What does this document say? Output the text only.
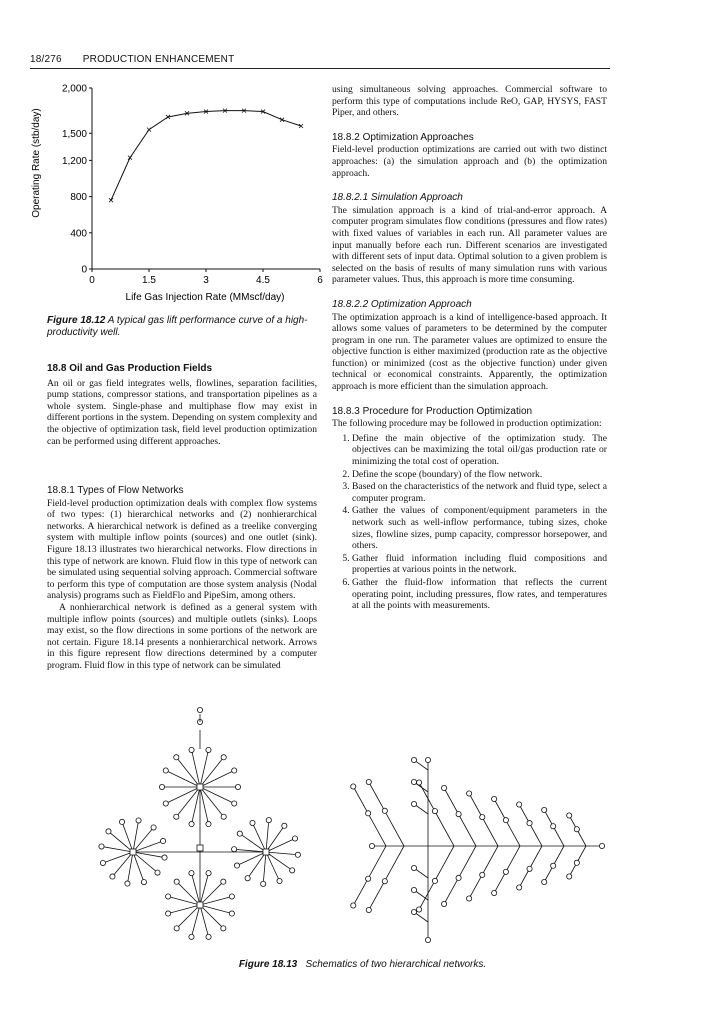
18/276 PRODUCTION ENHANCEMENT
0	1.5	3	4.5	6
0
400
800
1,200
1,500
2,000
Life Gas Injection Rate (MMscf/day)
Operating Rate (stb/day)
Figure 18.12 A typical gas lift performance curve of a high-productivity well.
18.8 Oil and Gas Production Fields

An oil or gas field integrates wells, flowlines, separation facilities, pump stations, compressor stations, and transportation pipelines as a whole system. Single-phase and multiphase flow may exist in different portions in the system. Depending on system complexity and the objective of optimization task, field level production optimization can be performed using different approaches.

18.8.1 Types of Flow Networks

Field-level production optimization deals with complex flow systems of two types: (1) hierarchical networks and (2) nonhierarchical networks. A hierarchical network is defined as a treelike converging system with multiple inflow points (sources) and one outlet (sink). Figure 18.13 illustrates two hierarchical networks. Flow directions in this type of network are known. Fluid flow in this type of network can be simulated using sequential solving approach. Commercial software to perform this type of computation are those system analysis (Nodal analysis) programs such as FieldFlo and PipeSim, among others.

A nonhierarchical network is defined as a general system with multiple inflow points (sources) and multiple outlets (sinks). Loops may exist, so the flow directions in some portions of the network are not certain. Figure 18.14 presents a nonhierarchical network. Arrows in this figure represent flow directions determined by a computer program. Fluid flow in this type of network can be simulated

using simultaneous solving approaches. Commercial software to perform this type of computations include ReO, GAP, HYSYS, FAST Piper, and others.

18.8.2 Optimization Approaches

Field-level production optimizations are carried out with two distinct approaches: (a) the simulation approach and (b) the optimization approach.

18.8.2.1 Simulation Approach

The simulation approach is a kind of trial-and-error approach. A computer program simulates flow conditions (pressures and flow rates) with fixed values of variables in each run. All parameter values are input manually before each run. Different scenarios are investigated with different sets of input data. Optimal solution to a given problem is selected on the basis of results of many simulation runs with various parameter values. Thus, this approach is more time consuming.

18.8.2.2 Optimization Approach

The optimization approach is a kind of intelligence-based approach. It allows some values of parameters to be determined by the computer program in one run. The parameter values are optimized to ensure the objective function is either maximized (production rate as the objective function) or minimized (cost as the objective function) under given technical or economical constraints. Apparently, the optimization approach is more efficient than the simulation approach.

18.8.3 Procedure for Production Optimization

The following procedure may be followed in production optimization:

1. Define the main objective of the optimization study. The objectives can be maximizing the total oil/gas production rate or minimizing the total cost of operation.
2. Define the scope (boundary) of the flow network.
3. Based on the characteristics of the network and fluid type, select a computer program.
4. Gather the values of component/equipment parameters in the network such as well-inflow performance, tubing sizes, choke sizes, flowline sizes, pump capacity, compressor horsepower, and others.
5. Gather fluid information including fluid compositions and properties at various points in the network.
6. Gather the fluid-flow information that reflects the current operating point, including pressures, flow rates, and temperatures at all the points with measurements.
Figure 18.13 Schematics of two hierarchical networks.
